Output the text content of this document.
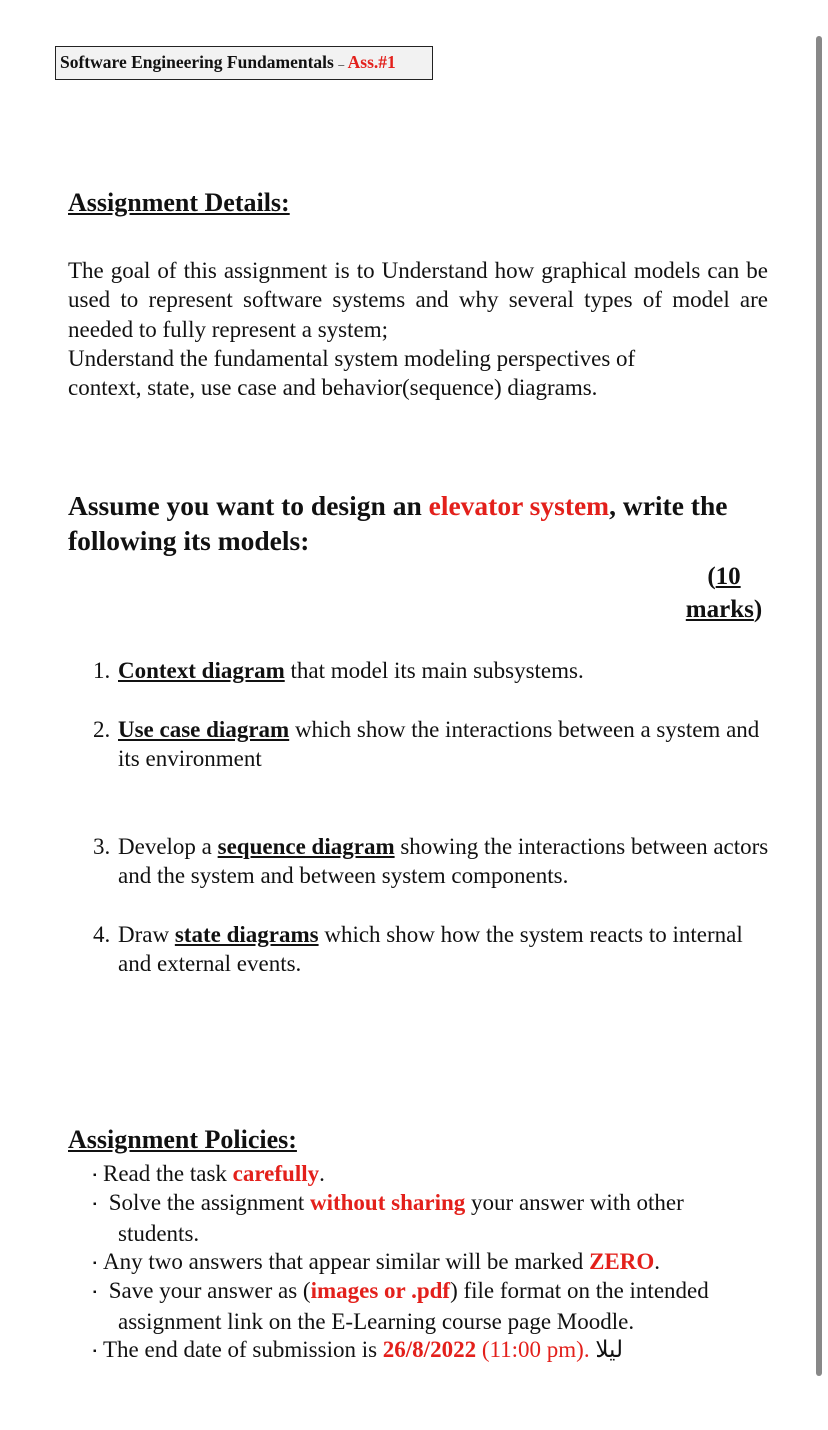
Software Engineering Fundamentals – Ass.#1
Assignment Details:
The goal of this assignment is to Understand how graphical models can be used to represent software systems and why several types of model are needed to fully represent a system;
Understand the fundamental system modeling perspectives of
context, state, use case and behavior(sequence) diagrams.
Assume you want to design an elevator system, write the following its models:
(10
marks)
1. Context diagram that model its main subsystems.
2. Use case diagram which show the interactions between a system and its environment
3. Develop a sequence diagram showing the interactions between actors and the system and between system components.
4. Draw state diagrams which show how the system reacts to internal and external events.
Assignment Policies:
▪ Read the task carefully.
▪ Solve the assignment without sharing your answer with other
students.
▪ Any two answers that appear similar will be marked ZERO.
▪ Save your answer as (images or .pdf) file format on the intended
assignment link on the E-Learning course page Moodle.
▪ The end date of submission is 26/8/2022 (11:00 pm). ليلا
